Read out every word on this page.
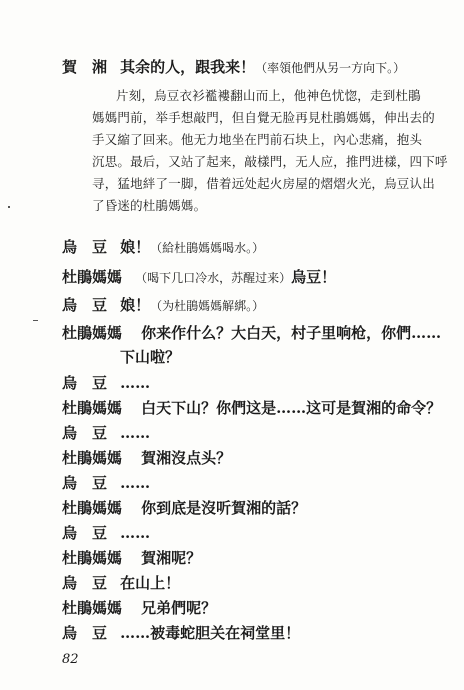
賀　湘 其余的人，跟我来！（率領他們从另一方向下。）
片刻，烏豆衣衫襤褸翻山而上，他神色忧惚，走到杜鵑
媽媽門前，举手想敲門，但自覺无脸再見杜鵑媽媽，伸出去的
手又縮了回来。他无力地坐在門前石块上，內心悲痛，抱头
沉思。最后，又站了起来，敲樣門，无人应，推門进樣，四下呼
寻，猛地絆了一脚，借着远处起火房屋的熠熠火光，烏豆认出
了昏迷的杜鵑媽媽。
烏　豆 娘！（給杜鵑媽媽喝水。）
杜鵑媽媽 （喝下几口冷水，苏醒过来）烏豆！
烏　豆 娘！（为杜鵑媽媽解綁。）
杜鵑媽媽 你来作什么？大白天，村子里响枪，你們……
下山啦？
烏　豆 ……
杜鵑媽媽 白天下山？你們这是……这可是賀湘的命令？
烏　豆 ……
杜鵑媽媽 賀湘沒点头？
烏　豆 ……
杜鵑媽媽 你到底是沒听賀湘的話？
烏　豆 ……
杜鵑媽媽 賀湘呢？
烏　豆 在山上！
杜鵑媽媽 兄弟們呢？
烏　豆 ……被毒蛇胆关在祠堂里！
82
